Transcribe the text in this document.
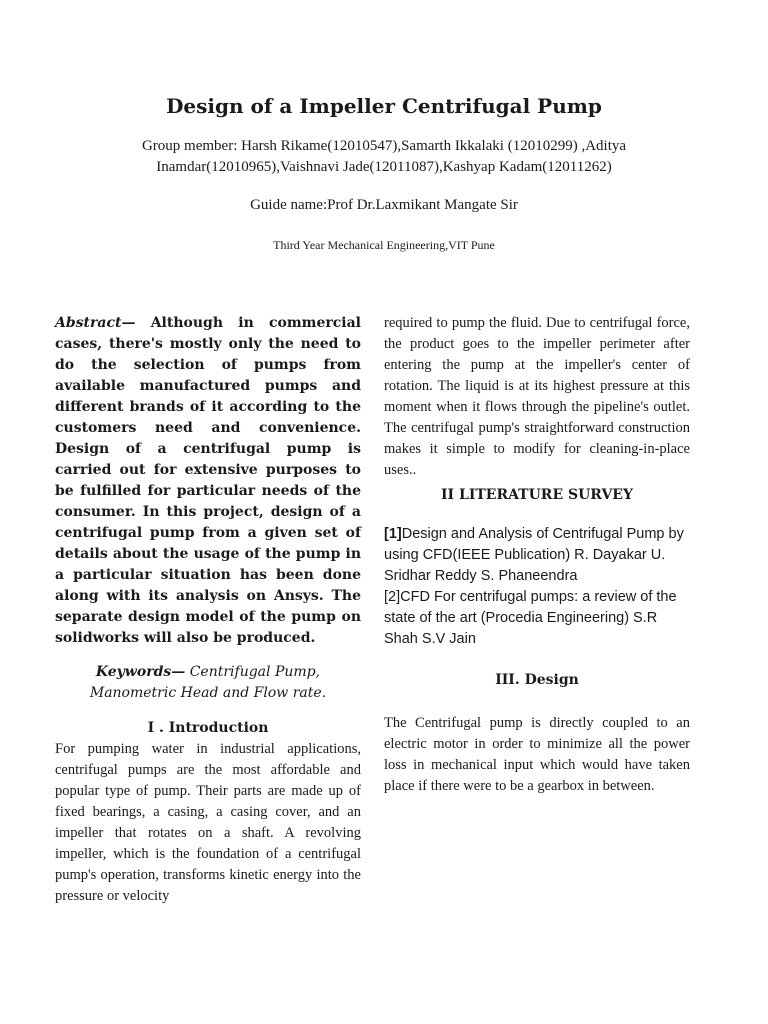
Design of a Impeller Centrifugal Pump

Group member: Harsh Rikame(12010547),Samarth Ikkalaki (12010299) ,Aditya Inamdar(12010965),Vaishnavi Jade(12011087),Kashyap Kadam(12011262)

Guide name:Prof Dr.Laxmikant Mangate Sir

Third Year Mechanical Engineering,VIT Pune

Abstract— Although in commercial cases, there's mostly only the need to do the selection of pumps from available manufactured pumps and different brands of it according to the customers need and convenience. Design of a centrifugal pump is carried out for extensive purposes to be fulfilled for particular needs of the consumer. In this project, design of a centrifugal pump from a given set of details about the usage of the pump in a particular situation has been done along with its analysis on Ansys. The separate design model of the pump on solidworks will also be produced.

Keywords— Centrifugal Pump, Manometric Head and Flow rate.

I . Introduction

For pumping water in industrial applications, centrifugal pumps are the most affordable and popular type of pump. Their parts are made up of fixed bearings, a casing, a casing cover, and an impeller that rotates on a shaft. A revolving impeller, which is the foundation of a centrifugal pump's operation, transforms kinetic energy into the pressure or velocity

required to pump the fluid. Due to centrifugal force, the product goes to the impeller perimeter after entering the pump at the impeller's center of rotation. The liquid is at its highest pressure at this moment when it flows through the pipeline's outlet. The centrifugal pump's straightforward construction makes it simple to modify for cleaning-in-place uses..

II LITERATURE SURVEY

[1]Design and Analysis of Centrifugal Pump by using CFD(IEEE Publication) R. Dayakar U. Sridhar Reddy S. Phaneendra
[2]CFD For centrifugal pumps: a review of the state of the art (Procedia Engineering) S.R Shah S.V Jain

III. Design

The Centrifugal pump is directly coupled to an electric motor in order to minimize all the power loss in mechanical input which would have taken place if there were to be a gearbox in between.
